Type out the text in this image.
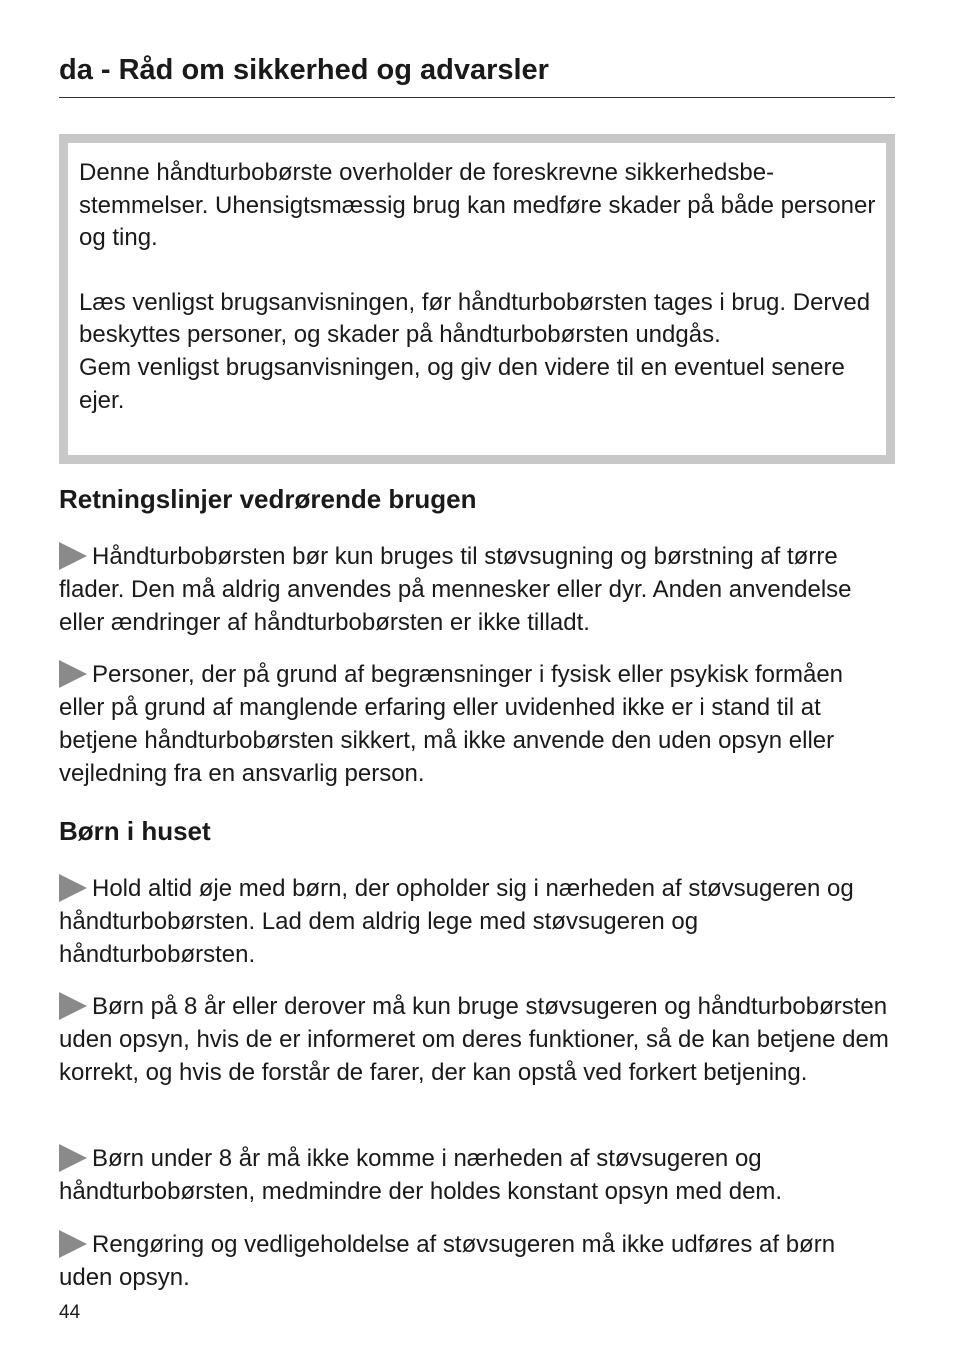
da - Råd om sikkerhed og advarsler

Denne håndturbobørste overholder de foreskrevne sikkerhedsbestemmelser. Uhensigtsmæssig brug kan medføre skader på både personer og ting.

Læs venligst brugsanvisningen, før håndturbobørsten tages i brug. Derved beskyttes personer, og skader på håndturbobørsten undgås.

Gem venligst brugsanvisningen, og giv den videre til en eventuel senere ejer.

Retningslinjer vedrørende brugen

Håndturbobørsten bør kun bruges til støvsugning og børstning af tørre flader. Den må aldrig anvendes på mennesker eller dyr. Anden anvendelse eller ændringer af håndturbobørsten er ikke tilladt.

Personer, der på grund af begrænsninger i fysisk eller psykisk formåen eller på grund af manglende erfaring eller uvidenhed ikke er i stand til at betjene håndturbobørsten sikkert, må ikke anvende den uden opsyn eller vejledning fra en ansvarlig person.

Børn i huset

Hold altid øje med børn, der opholder sig i nærheden af støvsugeren og håndturbobørsten. Lad dem aldrig lege med støvsugeren og håndturbobørsten.

Børn på 8 år eller derover må kun bruge støvsugeren og håndturbobørsten uden opsyn, hvis de er informeret om deres funktioner, så de kan betjene dem korrekt, og hvis de forstår de farer, der kan opstå ved forkert betjening.

Børn under 8 år må ikke komme i nærheden af støvsugeren og håndturbobørsten, medmindre der holdes konstant opsyn med dem.

Rengøring og vedligeholdelse af støvsugeren må ikke udføres af børn uden opsyn.

44
